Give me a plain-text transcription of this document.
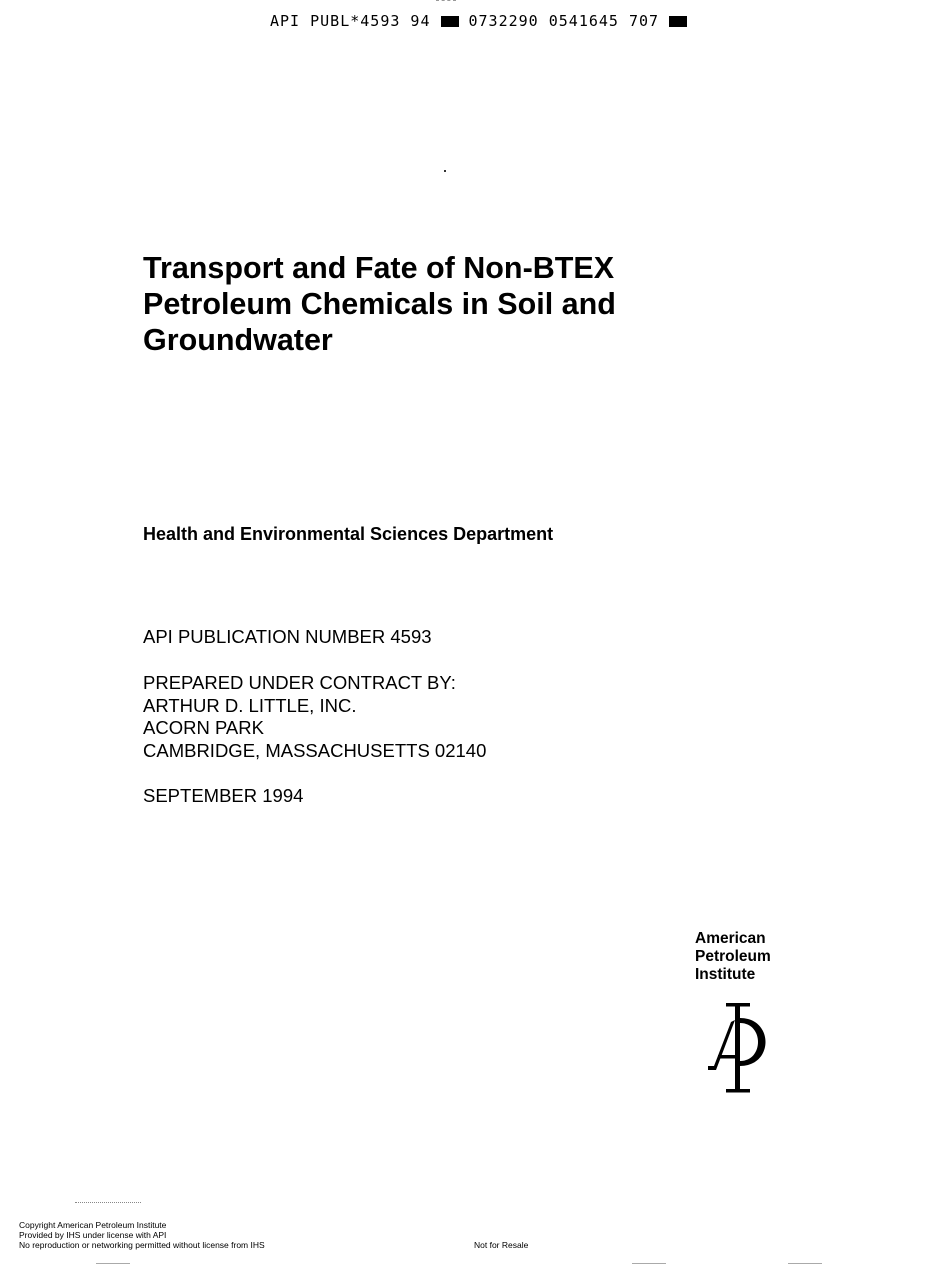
API PUBL*4593 94	0732290 0541645 707
Transport and Fate of Non-BTEX
Petroleum Chemicals in Soil and
Groundwater
Health and Environmental Sciences Department
API PUBLICATION NUMBER 4593
PREPARED UNDER CONTRACT BY:
ARTHUR D. LITTLE, INC.
ACORN PARK
CAMBRIDGE, MASSACHUSETTS 02140
SEPTEMBER 1994
American
Petroleum
Institute
Copyright American Petroleum Institute
Provided by IHS under license with API
No reproduction or networking permitted without license from IHS	Not for Resale
